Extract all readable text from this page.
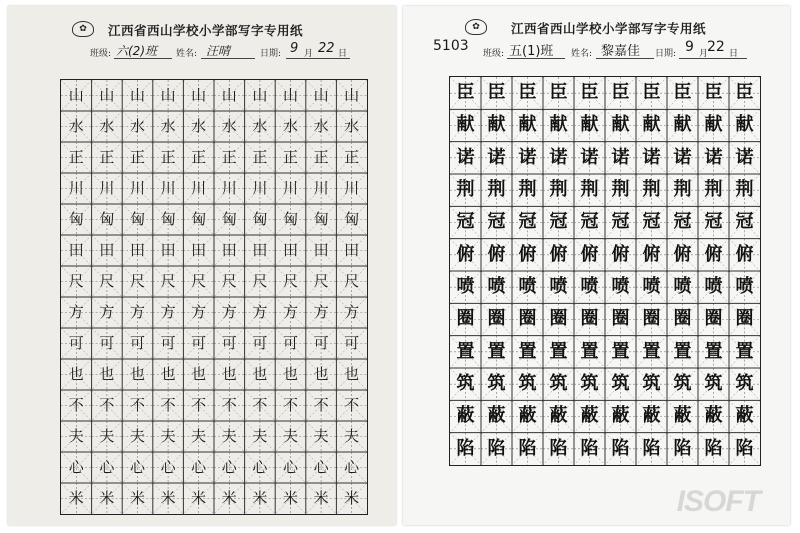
✿	江西省西山学校小学部写字专用纸
班级: 六(2)班 姓名: 汪晴	日期: 9 月 22 日
山	山	山	山	山	山	山	山	山	山
水	水	水	水	水	水	水	水	水	水
正	正	正	正	正	正	正	正	正	正
川	川	川	川	川	川	川	川	川	川
匈	匈	匈	匈	匈	匈	匈	匈	匈	匈
田	田	田	田	田	田	田	田	田	田
尺	尺	尺	尺	尺	尺	尺	尺	尺	尺
方	方	方	方	方	方	方	方	方	方
可	可	可	可	可	可	可	可	可	可
也	也	也	也	也	也	也	也	也	也
不	不	不	不	不	不	不	不	不	不
夫	夫	夫	夫	夫	夫	夫	夫	夫	夫
心	心	心	心	心	心	心	心	心	心
米	米	米	米	米	米	米	米	米	米
5103
✿	江西省西山学校小学部写字专用纸
班级: 五(1)班 姓名: 黎嘉佳 日期: 9 月
22 日
臣 臣 臣 臣 臣 臣 臣 臣 臣 臣
献 献 献 献 献 献 献 献 献 献
诺 诺 诺 诺 诺 诺 诺 诺 诺 诺
荆 荆 荆 荆 荆 荆 荆 荆 荆 荆
冠 冠 冠 冠 冠 冠 冠 冠 冠 冠
俯 俯 俯 俯 俯 俯 俯 俯 俯 俯
喷 喷 喷 喷 喷 喷 喷 喷 喷 喷
圈 圈 圈 圈 圈 圈 圈 圈 圈 圈
置 置 置 置 置 置 置 置 置 置
筑 筑 筑 筑 筑 筑 筑 筑 筑 筑
蔽 蔽 蔽 蔽 蔽 蔽 蔽 蔽 蔽 蔽
陷 陷 陷 陷 陷 陷 陷 陷 陷 陷
ISOFT
